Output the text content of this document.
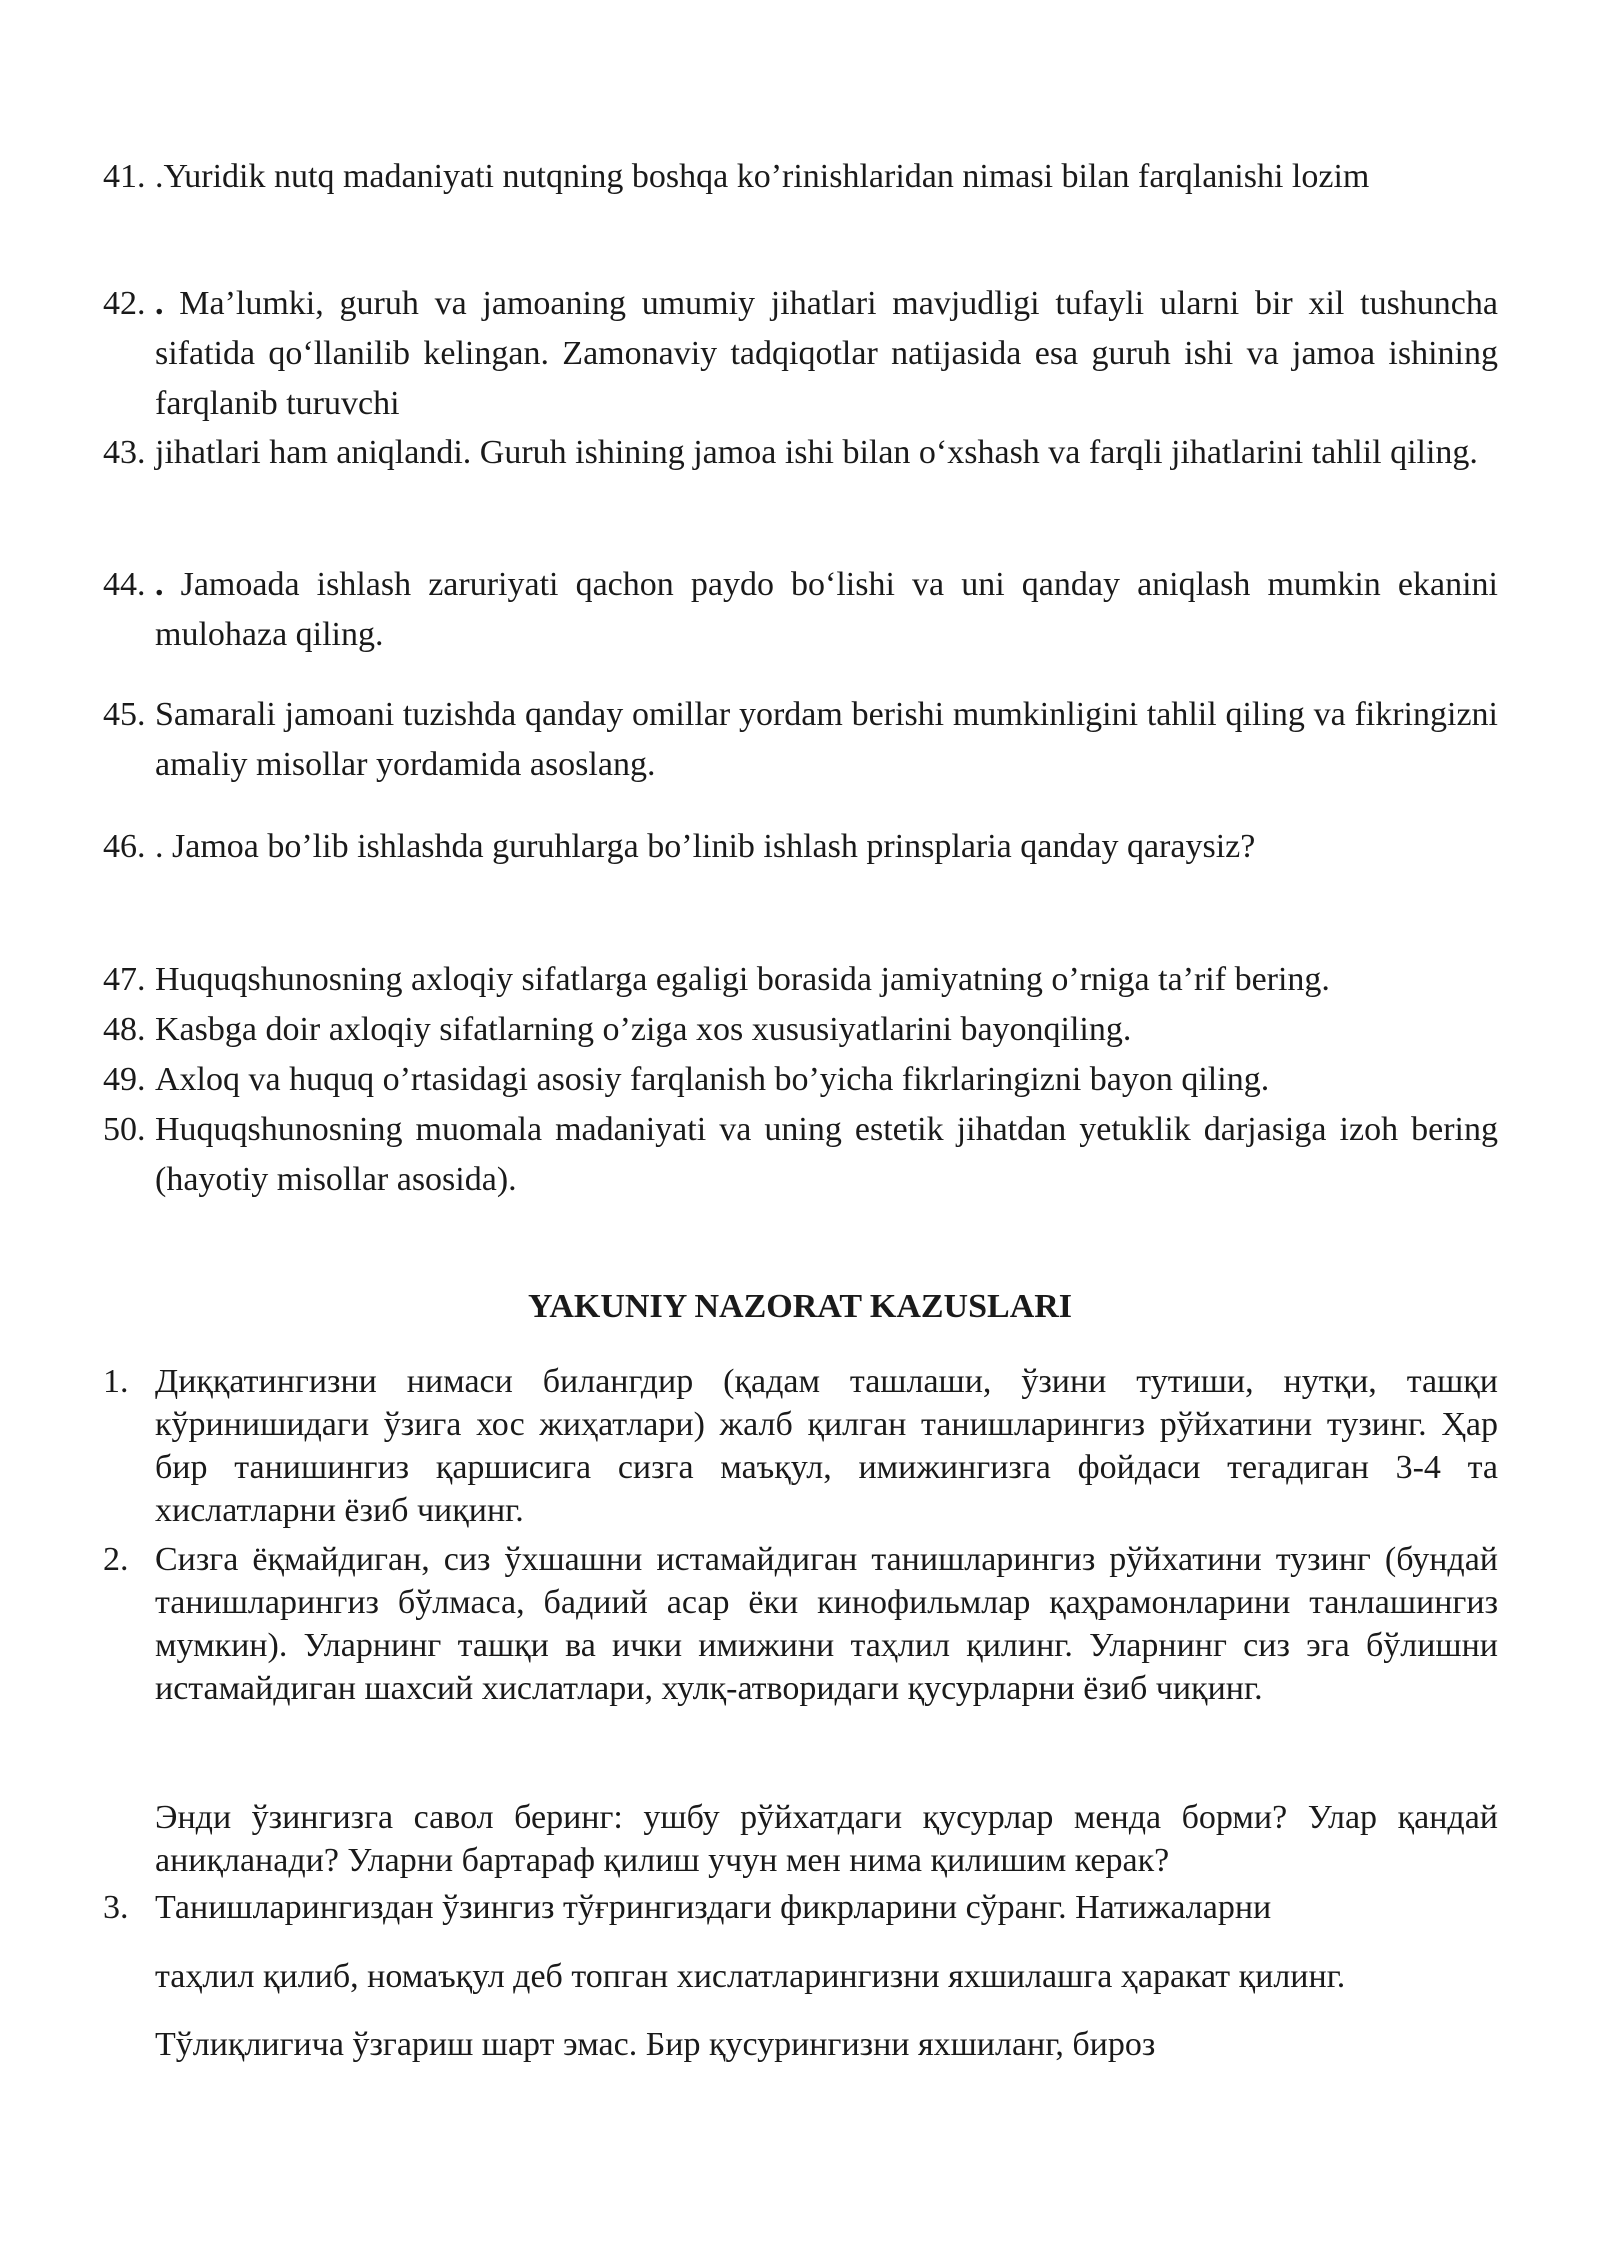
41. .Yuridik nutq madaniyati nutqning boshqa ko’rinishlaridan nimasi bilan farqlanishi lozim
42. . Ma’lumki, guruh va jamoaning umumiy jihatlari mavjudligi tufayli ularni bir xil tushuncha sifatida qoʻllanilib kelingan. Zamonaviy tadqiqotlar natijasida esa guruh ishi va jamoa ishining farqlanib turuvchi
43. jihatlari ham aniqlandi. Guruh ishining jamoa ishi bilan oʻxshash va farqli jihatlarini tahlil qiling.
44. . Jamoada ishlash zaruriyati qachon paydo boʻlishi va uni qanday aniqlash mumkin ekanini mulohaza qiling.
45. Samarali jamoani tuzishda qanday omillar yordam berishi mumkinligini tahlil qiling va fikringizni amaliy misollar yordamida asoslang.
46. . Jamoa bo’lib ishlashda guruhlarga bo’linib ishlash prinsplaria qanday qaraysiz?
47. Huquqshunosning axloqiy sifatlarga egaligi borasida jamiyatning o’rniga ta’rif bering.
48. Kasbga doir axloqiy sifatlarning o’ziga xos xususiyatlarini bayonqiling.
49. Axloq va huquq o’rtasidagi asosiy farqlanish bo’yicha fikrlaringizni bayon qiling.
50. Huquqshunosning muomala madaniyati va uning estetik jihatdan yetuklik darjasiga izoh bering (hayotiy misollar asosida).
YAKUNIY NAZORAT KAZUSLARI
1. Диққатингизни нимаси билангдир (қадам ташлаши, ўзини тутиши, нутқи, ташқи кўринишидаги ўзига хос жиҳатлари) жалб қилган танишларингиз рўйхатини тузинг. Ҳар бир танишингиз қаршисига сизга маъқул, имижингизга фойдаси тегадиган 3-4 та хислатларни ёзиб чиқинг.
2. Сизга ёқмайдиган, сиз ўхшашни истамайдиган танишларингиз рўйхатини тузинг (бундай танишларингиз бўлмаса, бадиий асар ёки кинофильмлар қаҳрамонларини танлашингиз мумкин). Уларнинг ташқи ва ички имижини таҳлил қилинг. Уларнинг сиз эга бўлишни истамайдиган шахсий хислатлари, хулқ-атворидаги қусурларни ёзиб чиқинг.
Энди ўзингизга савол беринг: ушбу рўйхатдаги қусурлар менда борми? Улар қандай аниқланади? Уларни бартараф қилиш учун мен нима қилишим керак?
3. Танишларингиздан ўзингиз тўғрингиздаги фикрларини сўранг. Натижаларни
таҳлил қилиб, номаъқул деб топган хислатларингизни яхшилашга ҳаракат қилинг.
Тўлиқлигича ўзгариш шарт эмас. Бир қусурингизни яхшиланг, бироз
